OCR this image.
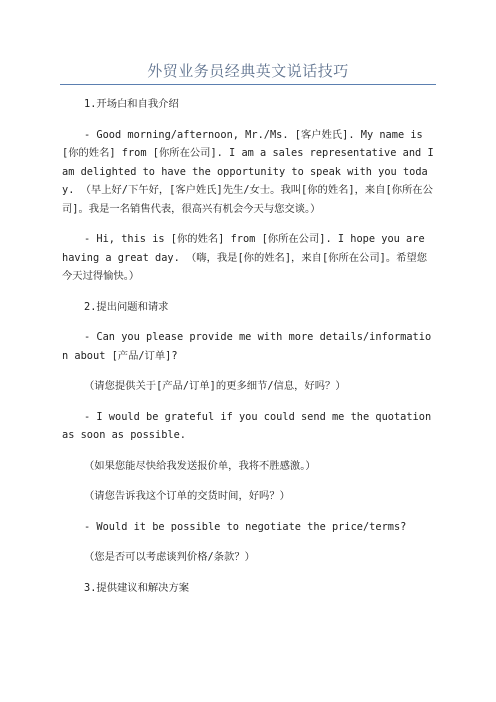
外贸业务员经典英文说话技巧

1.开场白和自我介绍

- Good morning/afternoon, Mr./Ms. [客户姓氏]. My name is [你的姓名] from [你所在公司]. I am a sales representative and I am delighted to have the opportunity to speak with you today. （早上好/下午好，[客户姓氏]先生/女士。我叫[你的姓名]，来自[你所在公司]。我是一名销售代表，很高兴有机会今天与您交谈。）

- Hi, this is [你的姓名] from [你所在公司]. I hope you are having a great day. （嗨，我是[你的姓名]，来自[你所在公司]。希望您今天过得愉快。）

2.提出问题和请求

- Can you please provide me with more details/information about [产品/订单]?

（请您提供关于[产品/订单]的更多细节/信息，好吗？）

- I would be grateful if you could send me the quotation as soon as possible.

（如果您能尽快给我发送报价单，我将不胜感激。）

（请您告诉我这个订单的交货时间，好吗？）

- Would it be possible to negotiate the price/terms?

（您是否可以考虑谈判价格/条款？）

3.提供建议和解决方案
